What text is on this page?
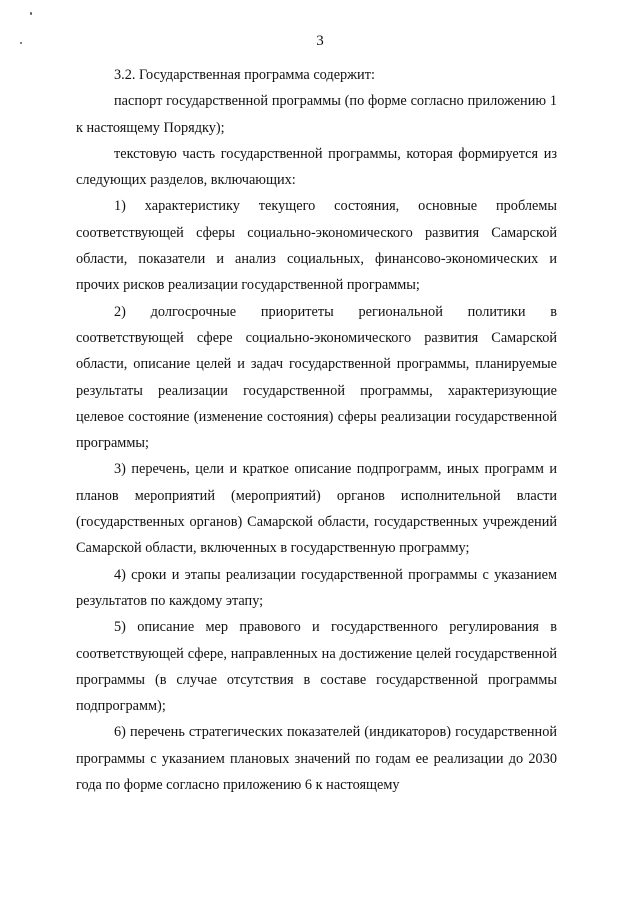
3

3.2. Государственная программа содержит:

паспорт государственной программы (по форме согласно приложению 1 к настоящему Порядку);

текстовую часть государственной программы, которая формируется из следующих разделов, включающих:

1) характеристику текущего состояния, основные проблемы соответствующей сферы социально-экономического развития Самарской области, показатели и анализ социальных, финансово-экономических и прочих рисков реализации государственной программы;

2) долгосрочные приоритеты региональной политики в соответствующей сфере социально-экономического развития Самарской области, описание целей и задач государственной программы, планируемые результаты реализации государственной программы, характеризующие целевое состояние (изменение состояния) сферы реализации государственной программы;

3) перечень, цели и краткое описание подпрограмм, иных программ и планов мероприятий (мероприятий) органов исполнительной власти (государственных органов) Самарской области, государственных учреждений Самарской области, включенных в государственную программу;

4) сроки и этапы реализации государственной программы с указанием результатов по каждому этапу;

5) описание мер правового и государственного регулирования в соответствующей сфере, направленных на достижение целей государственной программы (в случае отсутствия в составе государственной программы подпрограмм);

6) перечень стратегических показателей (индикаторов) государственной программы с указанием плановых значений по годам ее реализации до 2030 года по форме согласно приложению 6 к настоящему
